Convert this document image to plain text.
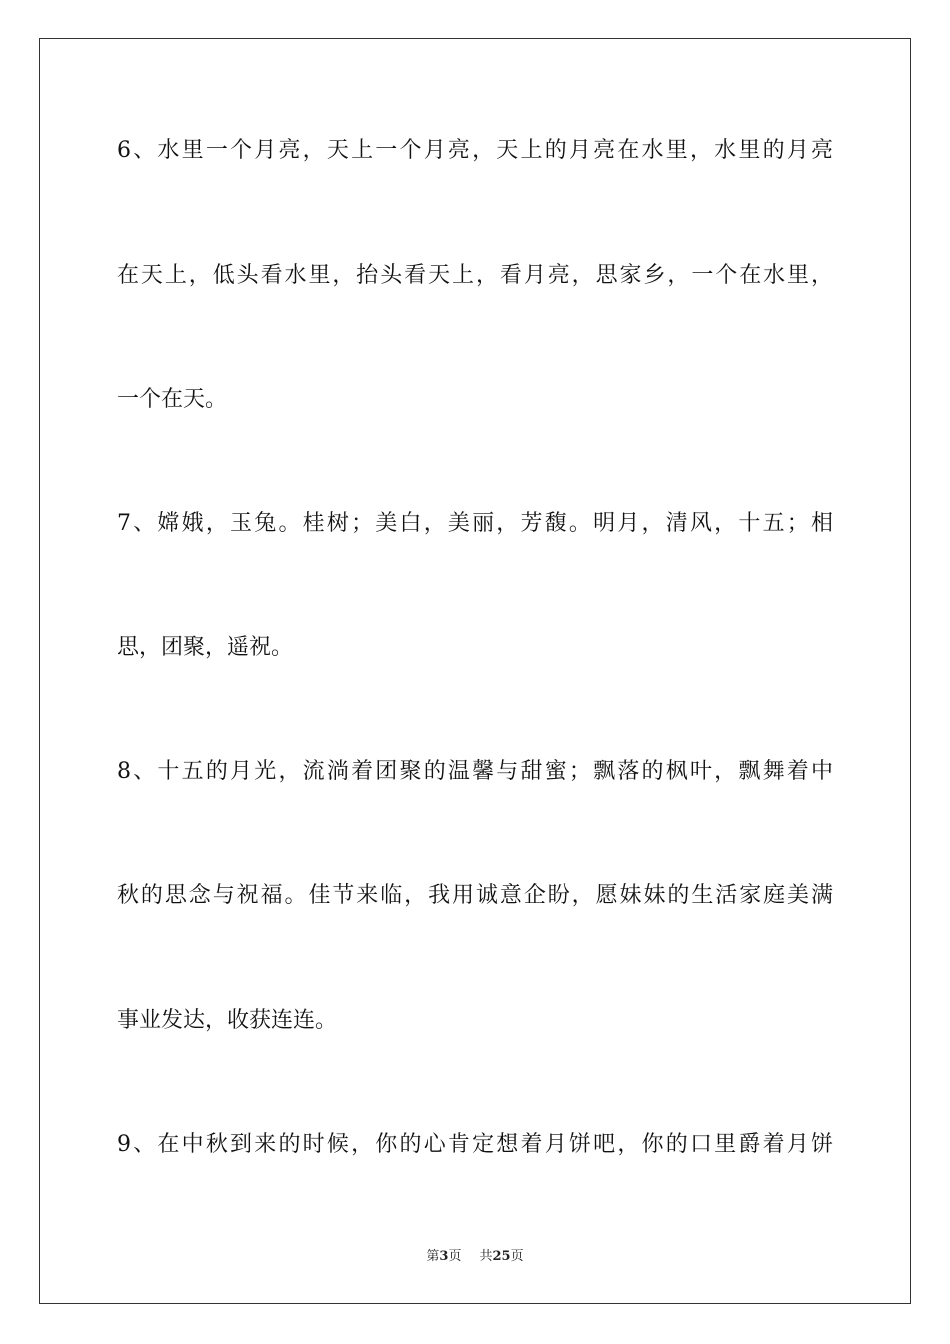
6、水里一个月亮，天上一个月亮，天上的月亮在水里，水里的月亮
在天上，低头看水里，抬头看天上，看月亮，思家乡，一个在水里，
一个在天。
7、嫦娥，玉兔。桂树；美白，美丽，芳馥。明月，清风，十五；相
思，团聚，遥祝。
8、十五的月光，流淌着团聚的温馨与甜蜜；飘落的枫叶，飘舞着中
秋的思念与祝福。佳节来临，我用诚意企盼，愿妹妹的生活家庭美满
事业发达，收获连连。
9、在中秋到来的时候，你的心肯定想着月饼吧，你的口里爵着月饼
第3页 共25页
